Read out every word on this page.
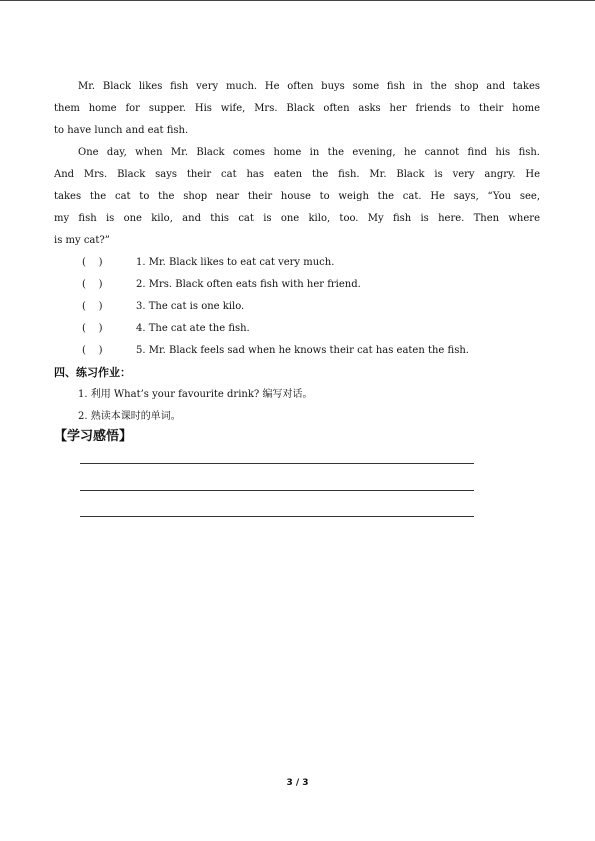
Mr. Black likes fish very much. He often buys some fish in the shop and takes
them home for supper. His wife, Mrs. Black often asks her friends to their home
to have lunch and eat fish.
One day, when Mr. Black comes home in the evening, he cannot find his fish.
And Mrs. Black says their cat has eaten the fish. Mr. Black is very angry. He
takes the cat to the shop near their house to weigh the cat. He says, “You see,
my fish is one kilo, and this cat is one kilo, too. My fish is here. Then where
is my cat?”
(    )	1. Mr. Black likes to eat cat very much.
(    )	2. Mrs. Black often eats fish with her friend.
(    )	3. The cat is one kilo.
(    )	4. The cat ate the fish.
(    )	5. Mr. Black feels sad when he knows their cat has eaten the fish.
四、练习作业：
1. 利用 What’s your favourite drink? 编写对话。
2. 熟读本课时的单词。
【学习感悟】
3 / 3
